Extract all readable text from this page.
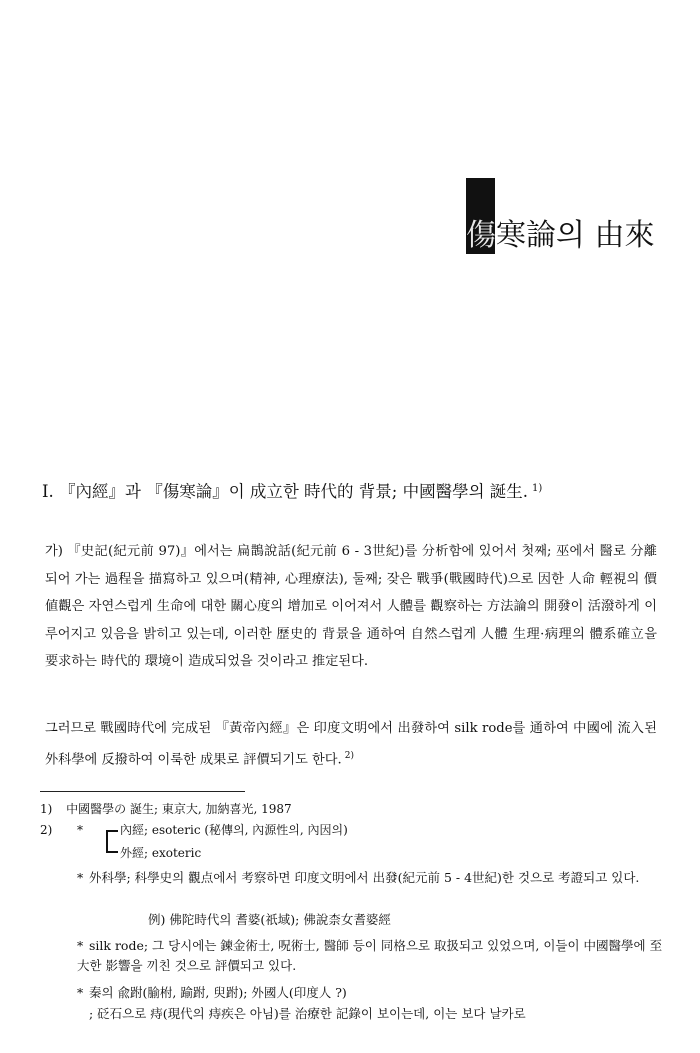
傷 寒論의 由來
Ⅰ. 『內經』과 『傷寒論』이 成立한 時代的 背景; 中國醫學의 誕生. $^{1)}$
가) 『史記(紀元前 97)』에서는 扁鵲說話(紀元前 6 - 3世紀)를 分析함에 있어서 첫째; 巫에서 醫로 分離되어 가는 過程을 描寫하고 있으며(精神, 心理療法), 둘째; 잦은 戰爭(戰國時代)으로 因한 人命 輕視의 價値觀은 자연스럽게 生命에 대한 關心度의 增加로 이어져서 人體를 觀察하는 方法論의 開發이 活潑하게 이루어지고 있음을 밝히고 있는데, 이러한 歷史的 背景을 通하여 自然스럽게 人體 生理·病理의 體系確立을 要求하는 時代的 環境이 造成되었을 것이라고 推定된다.
그러므로 戰國時代에 完成된 『黃帝內經』은 印度文明에서 出發하여 silk rode를 通하여 中國에 流入된 外科學에 反撥하여 이룩한 成果로 評價되기도 한다. $^{2)}$
1) 中國醫學の 誕生; 東京大, 加納喜光, 1987
2) *	內經; esoteric (秘傳의, 內源性의, 內因의)
外經; exoteric
* 外科學; 科學史의 觀点에서 考察하면 印度文明에서 出發(紀元前 5 - 4世紀)한 것으로 考證되고 있다.
例) 佛陀時代의 耆婆(祇域); 佛說柰女耆婆經
* silk rode; 그 당시에는 鍊金術士, 呪術士, 醫師 등이 同格으로 取扱되고 있었으며, 이들이 中國醫學에 至大한 影響을 끼친 것으로 評價되고 있다.
* 秦의 兪跗(腧柎, 踰跗, 臾跗); 外國人(印度人 ?)
; 砭石으로 痔(現代의 痔疾은 아님)를 治療한 記錄이 보이는데, 이는 보다 날카로
